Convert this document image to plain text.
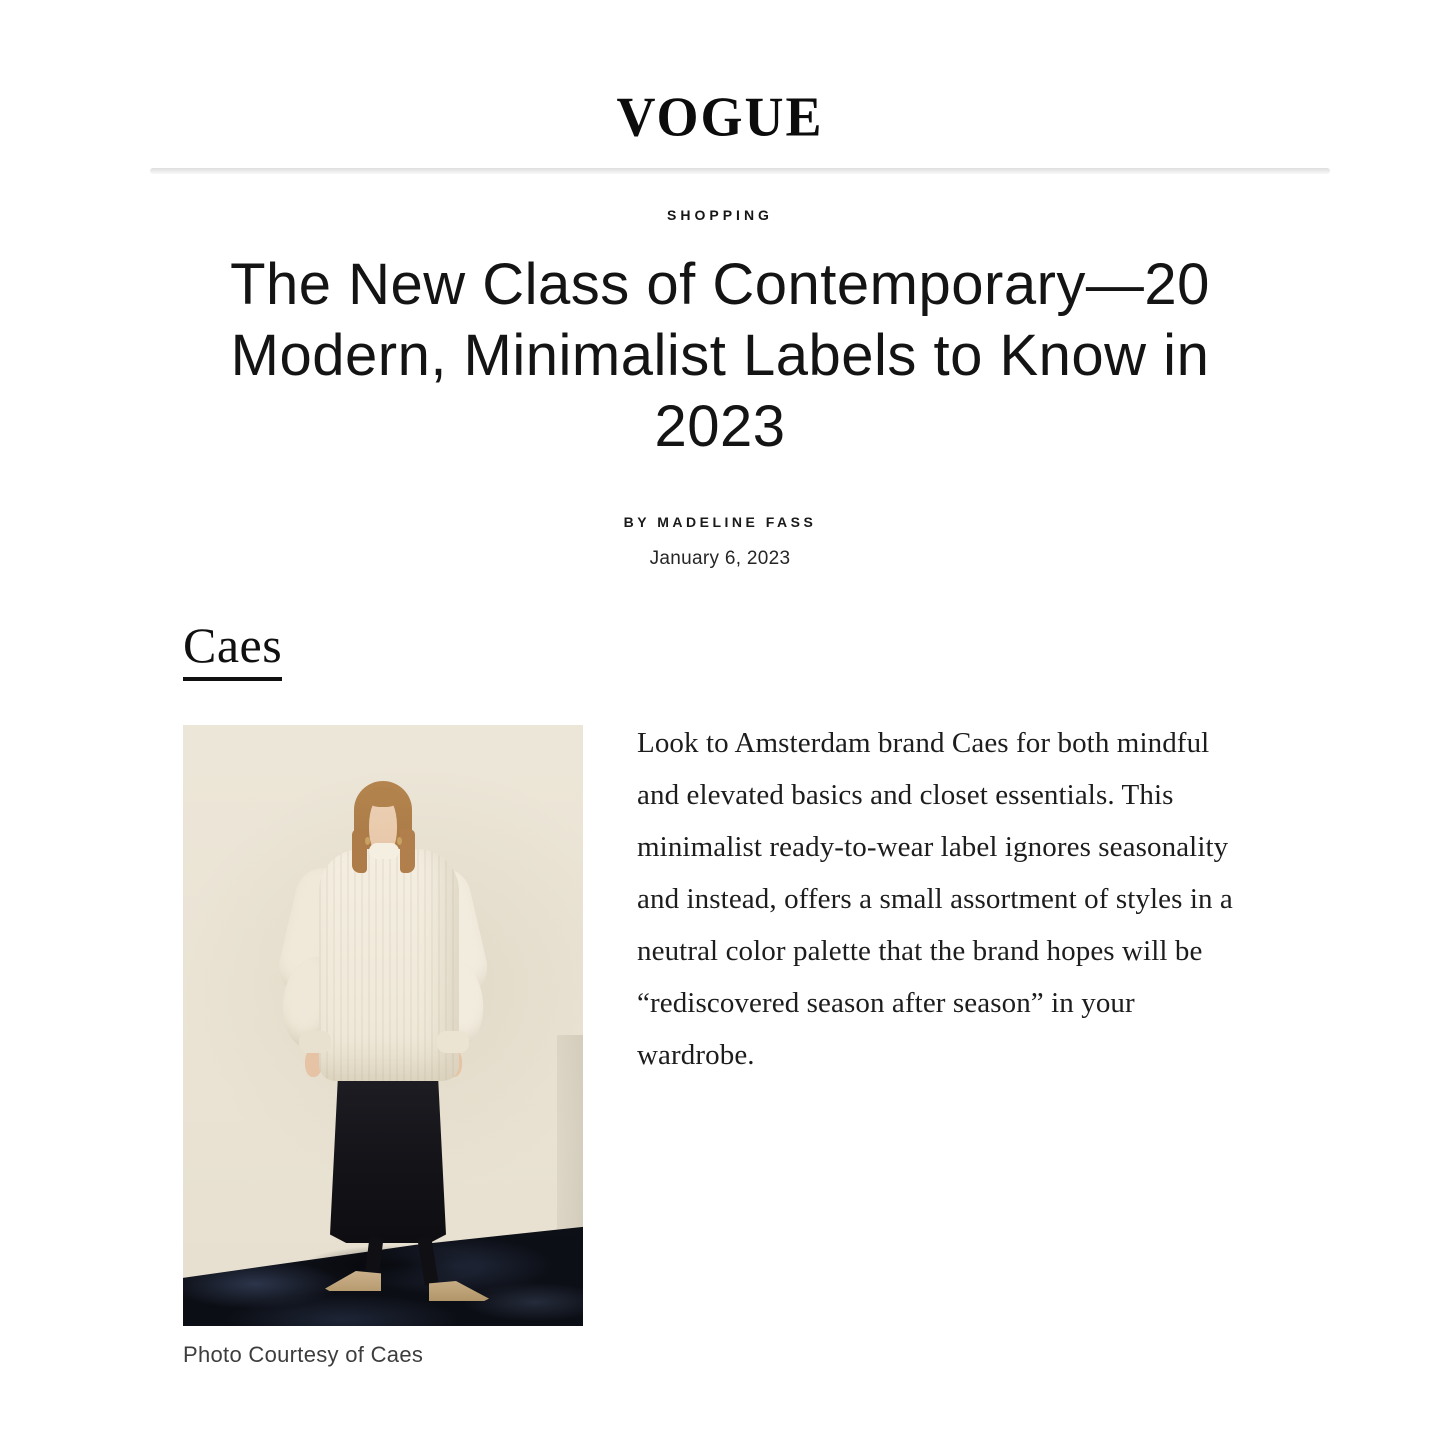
VOGUE
SHOPPING
The New Class of Contemporary—20 Modern, Minimalist Labels to Know in 2023
BY MADELINE FASS
January 6, 2023
Caes
Photo Courtesy of Caes

Look to Amsterdam brand Caes for both mindful and elevated basics and closet essentials. This minimalist ready-to-wear label ignores seasonality and instead, offers a small assortment of styles in a neutral color palette that the brand hopes will be “rediscovered season after season” in your wardrobe.
